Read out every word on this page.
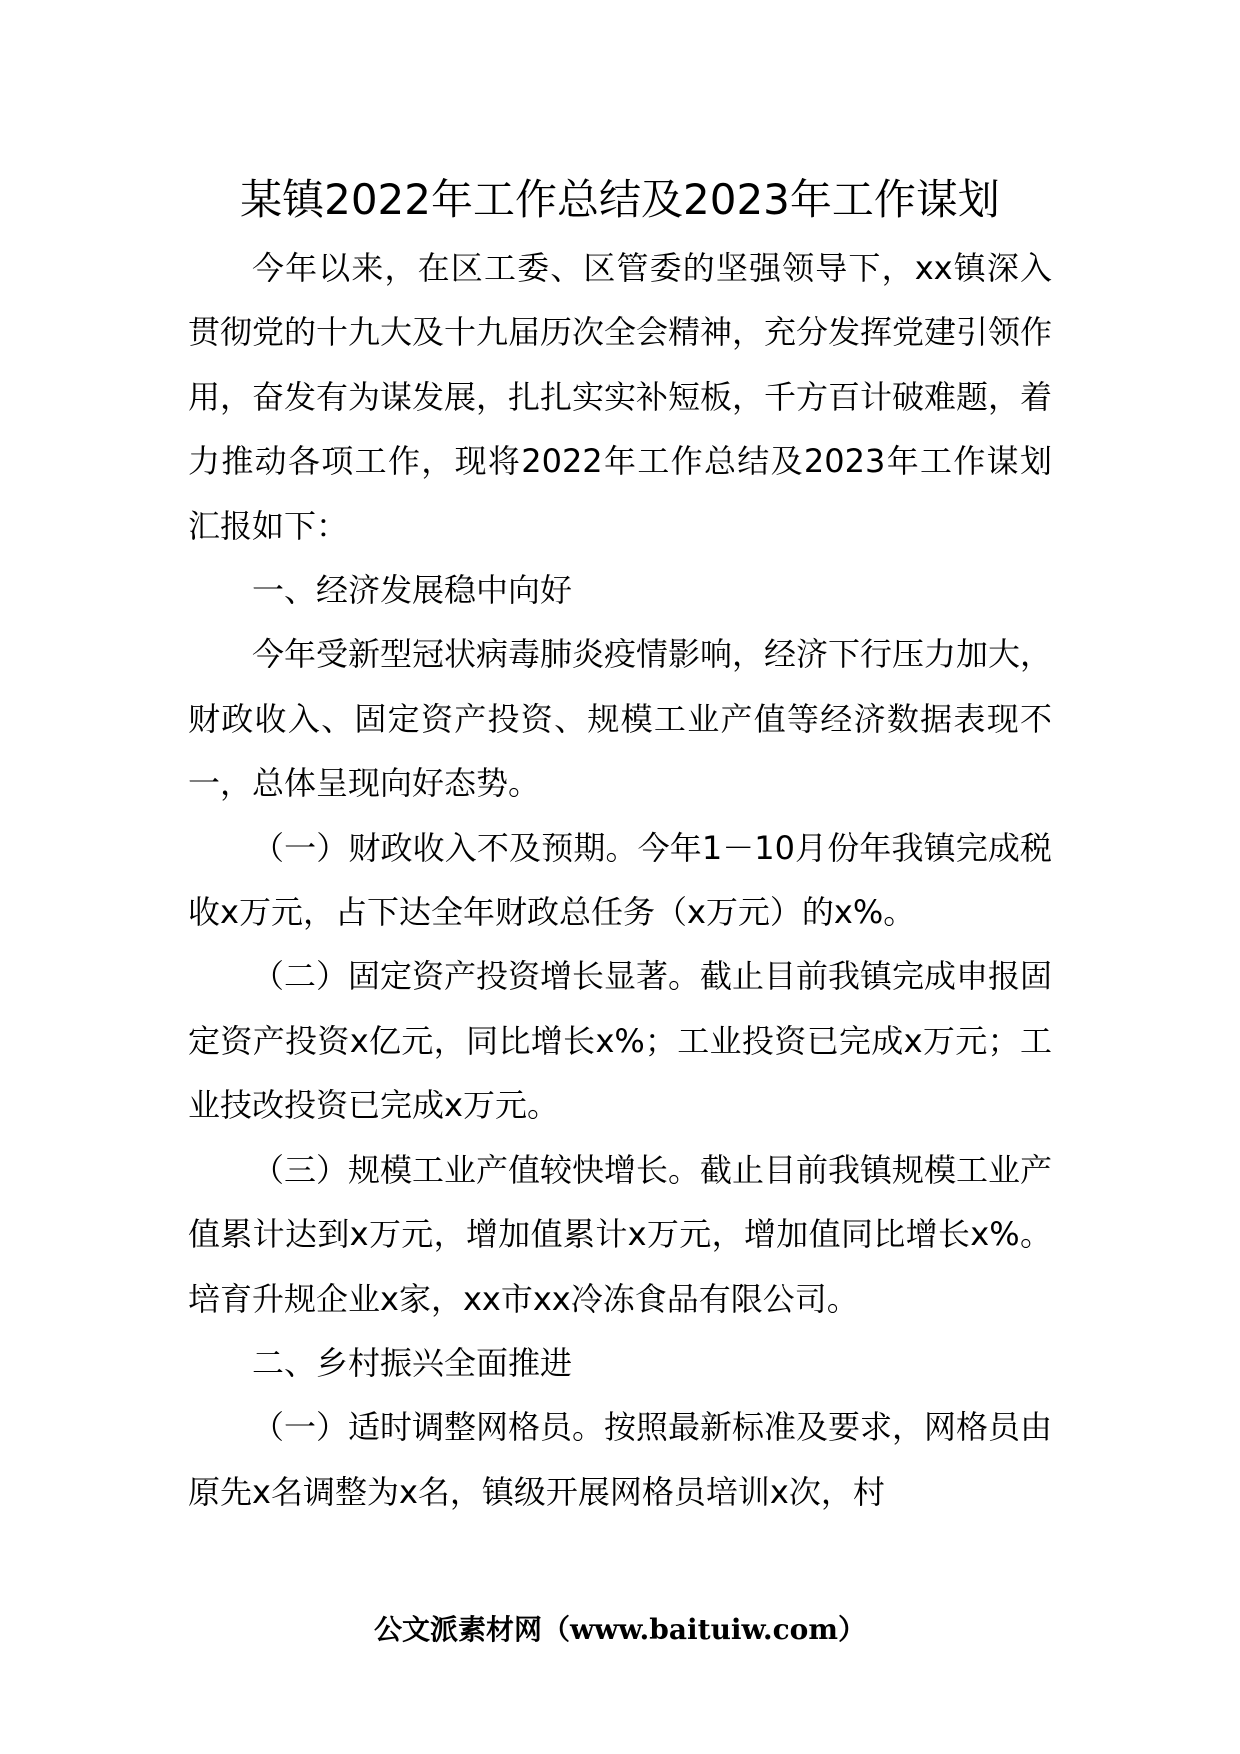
某镇2022年工作总结及2023年工作谋划

今年以来，在区工委、区管委的坚强领导下，xx镇深入贯彻党的十九大及十九届历次全会精神，充分发挥党建引领作用，奋发有为谋发展，扎扎实实补短板，千方百计破难题，着力推动各项工作，现将2022年工作总结及2023年工作谋划汇报如下：

一、经济发展稳中向好

今年受新型冠状病毒肺炎疫情影响，经济下行压力加大，财政收入、固定资产投资、规模工业产值等经济数据表现不一，总体呈现向好态势。

（一）财政收入不及预期。今年1－10月份年我镇完成税收x万元，占下达全年财政总任务（x万元）的x%。

（二）固定资产投资增长显著。截止目前我镇完成申报固定资产投资x亿元，同比增长x%；工业投资已完成x万元；工业技改投资已完成x万元。

（三）规模工业产值较快增长。截止目前我镇规模工业产值累计达到x万元，增加值累计x万元，增加值同比增长x%。培育升规企业x家，xx市xx冷冻食品有限公司。

二、乡村振兴全面推进

（一）适时调整网格员。按照最新标准及要求，网格员由原先x名调整为x名，镇级开展网格员培训x次，村

公文派素材网（www.baituiw.com）
